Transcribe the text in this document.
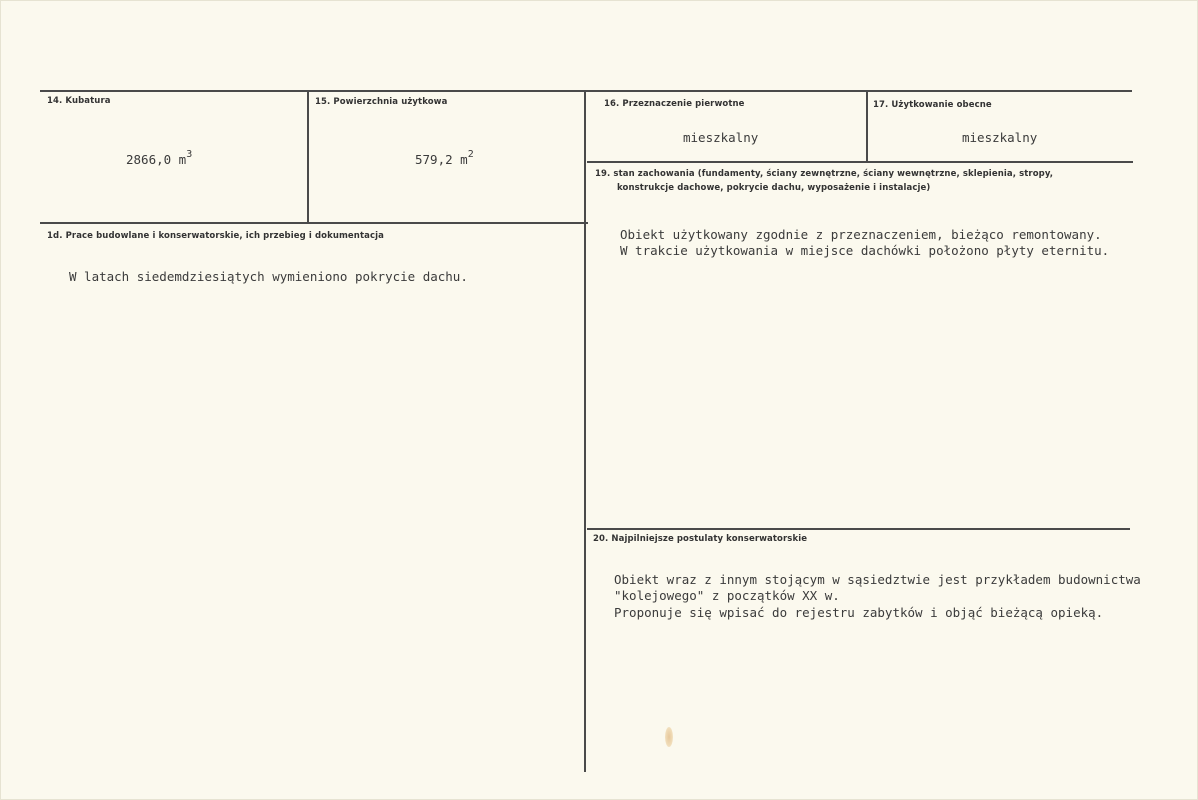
14. Kubatura
2866,0 $m^3$
15. Powierzchnia użytkowa
579,2 $m^2$
16. Przeznaczenie pierwotne
mieszkalny
17. Użytkowanie obecne
mieszkalny
1d. Prace budowlane i konserwatorskie, ich przebieg i dokumentacja
W latach siedemdziesiątych wymieniono pokrycie dachu.
19. stan zachowania (fundamenty, ściany zewnętrzne, ściany wewnętrzne, sklepienia, stropy,
konstrukcje dachowe, pokrycie dachu, wyposażenie i instalacje)
Obiekt użytkowany zgodnie z przeznaczeniem, bieżąco remontowany.
W trakcie użytkowania w miejsce dachówki położono płyty eternitu.
20. Najpilniejsze postulaty konserwatorskie
Obiekt wraz z innym stojącym w sąsiedztwie jest przykładem budownictwa
"kolejowego" z początków XX w.
Proponuje się wpisać do rejestru zabytków i objąć bieżącą opieką.
